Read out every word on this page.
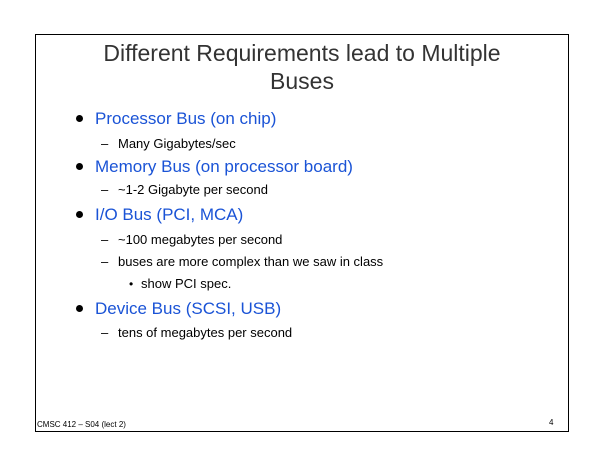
Different Requirements lead to Multiple
Buses
Processor Bus (on chip)
– Many Gigabytes/sec
Memory Bus (on processor board)
– ~1-2 Gigabyte per second
I/O Bus (PCI, MCA)
– ~100 megabytes per second
– buses are more complex than we saw in class
• show PCI spec.
Device Bus (SCSI, USB)
– tens of megabytes per second
CMSC 412 – S04 (lect 2)	4
